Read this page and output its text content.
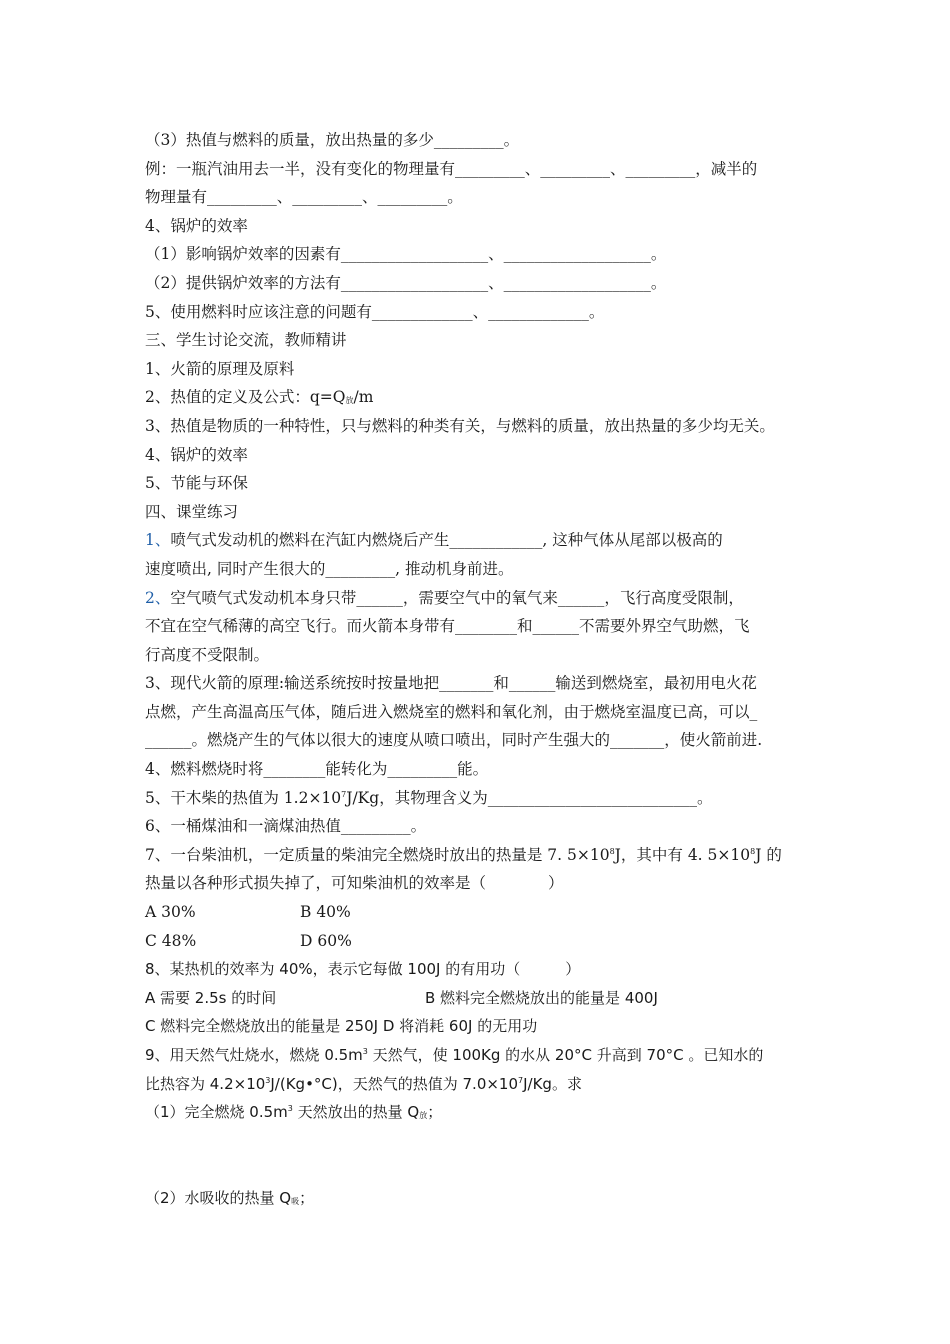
（3）热值与燃料的质量，放出热量的多少_________。
例：一瓶汽油用去一半，没有变化的物理量有_________、_________、_________，减半的
物理量有_________、_________、_________。
4、锅炉的效率
（1）影响锅炉效率的因素有___________________、___________________。
（2）提供锅炉效率的方法有___________________、___________________。
5、使用燃料时应该注意的问题有_____________、_____________。
三、学生讨论交流，教师精讲
1、火箭的原理及原料
2、热值的定义及公式：$q=Q_放/m$
3、热值是物质的一种特性，只与燃料的种类有关，与燃料的质量，放出热量的多少均无关。
4、锅炉的效率
5、节能与环保
四、课堂练习
1、喷气式发动机的燃料在汽缸内燃烧后产生____________, 这种气体从尾部以极高的
速度喷出, 同时产生很大的_________, 推动机身前进。
2、空气喷气式发动机本身只带______，需要空气中的氧气来______，飞行高度受限制，
不宜在空气稀薄的高空飞行。而火箭本身带有________和______不需要外界空气助燃，飞
行高度不受限制。
3、现代火箭的原理:输送系统按时按量地把_______和______输送到燃烧室，最初用电火花
点燃，产生高温高压气体，随后进入燃烧室的燃料和氧化剂，由于燃烧室温度已高，可以_
______。燃烧产生的气体以很大的速度从喷口喷出，同时产生强大的_______，使火箭前进.
4、燃料燃烧时将________能转化为_________能。
5、干木柴的热值为 $1.2\times 10^7J/Kg$，其物理含义为___________________________。
6、一桶煤油和一滴煤油热值_________。
7、一台柴油机，一定质量的柴油完全燃烧时放出的热量是 7. $5\times 10^8J$，其中有 4. $5\times 10^8J$ 的
热量以各种形式损失掉了，可知柴油机的效率是（　　　　）
A 30%	B 40%
C 48%	D 60%
8、某热机的效率为 40%，表示它每做 100J 的有用功（　　　）
A 需要 2.5s 的时间	B 燃料完全燃烧放出的能量是 400J
C 燃料完全燃烧放出的能量是 250J D 将消耗 60J 的无用功
9、用天然气灶烧水，燃烧 $0.5m^3$ 天然气，使 100Kg 的水从 20°C 升高到 70°C 。已知水的
比热容为 $4.2\times 10^3J/(Kg•^\circ C)$，天然气的热值为 $7.0\times 10^7J/Kg$。求
（1）完全燃烧 $0.5m^3$ 天然放出的热量 $Q_放$；
（2）水吸收的热量 $Q_吸$；
